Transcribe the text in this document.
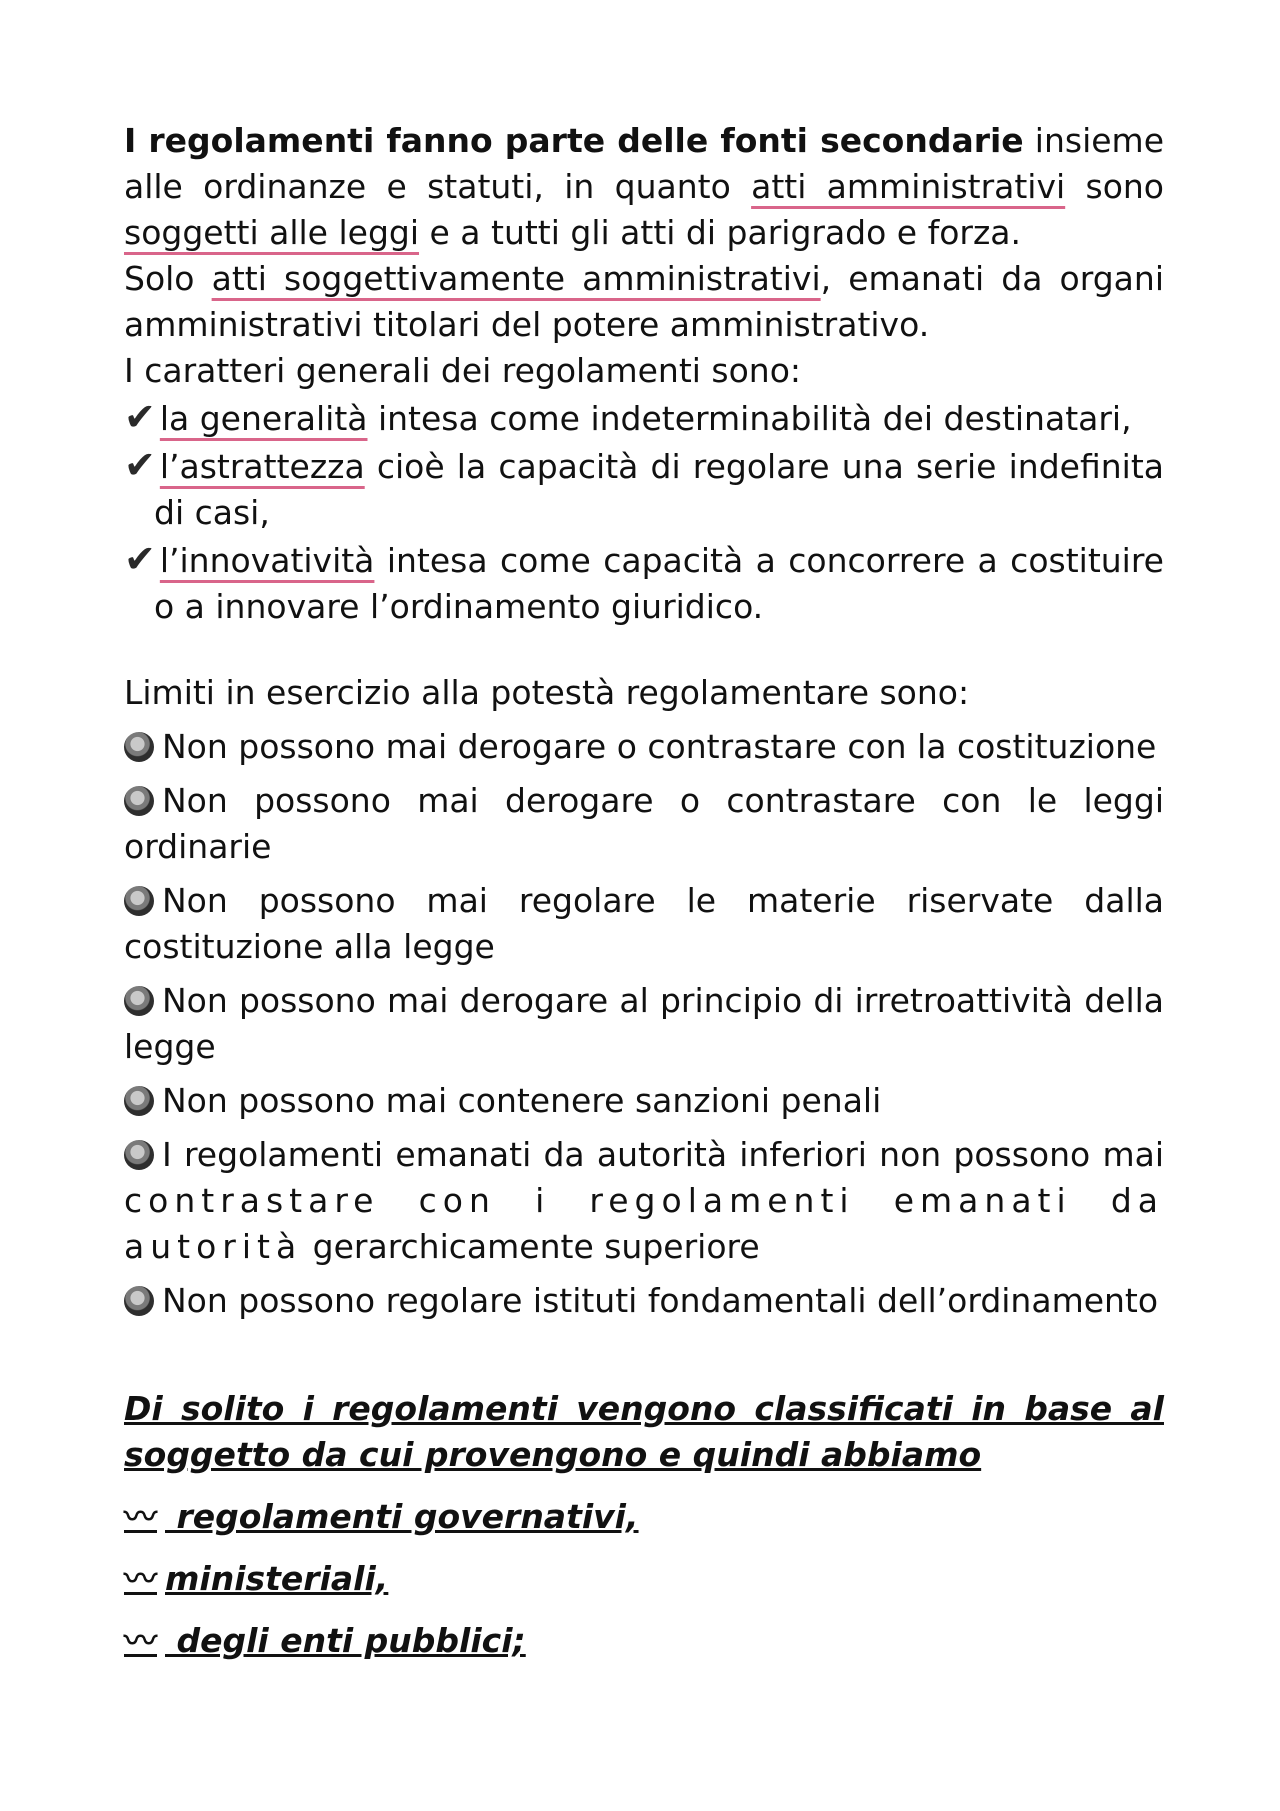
I regolamenti fanno parte delle fonti secondarie insieme alle ordinanze e statuti, in quanto atti amministrativi sono soggetti alle leggi e a tutti gli atti di parigrado e forza.

Solo atti soggettivamente amministrativi, emanati da organi amministrativi titolari del potere amministrativo.

I caratteri generali dei regolamenti sono:

✔ la generalità intesa come indeterminabilità dei destinatari,

✔ l’astrattezza cioè la capacità di regolare una serie indefinita di casi,

✔ l’innovatività intesa come capacità a concorrere a costituire o a innovare l’ordinamento giuridico.

Limiti in esercizio alla potestà regolamentare sono:

Non possono mai derogare o contrastare con la costituzione

Non possono mai derogare o contrastare con le leggi ordinarie

Non possono mai regolare le materie riservate dalla costituzione alla legge

Non possono mai derogare al principio di irretroattività della legge

Non possono mai contenere sanzioni penali

I regolamenti emanati da autorità inferiori non possono mai contrastare con i regolamenti emanati da autorità gerarchicamente superiore

Non possono regolare istituti fondamentali dell’ordinamento

Di solito i regolamenti vengono classificati in base al soggetto da cui provengono e quindi abbiamo

〰 regolamenti governativi,

〰 ministeriali,

〰 degli enti pubblici;
